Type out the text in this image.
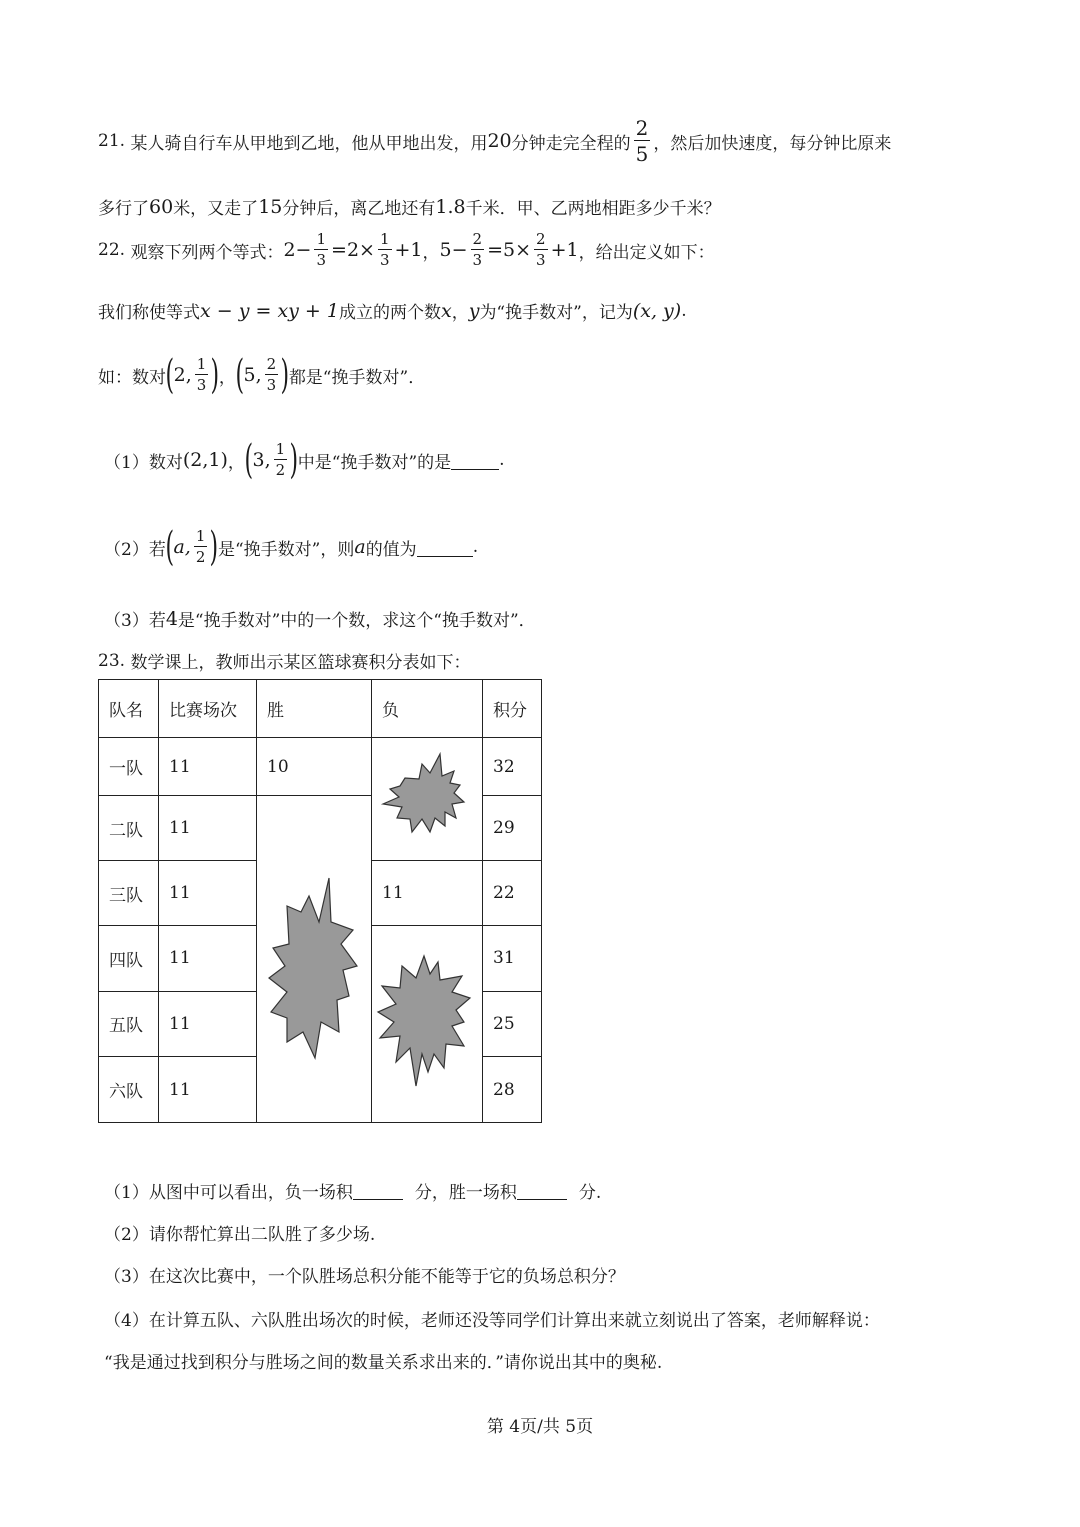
21.
某人骑自行车从甲地到乙地，他从甲地出发，用 20 分钟走完全程的 $\frac{2}{5}$ ，然后加快速度，每分钟比原来
多行了 60 米，又走了 15 分钟后，离乙地还有 1.8 千米．甲、乙两地相距多少千米？
22.
观察下列两个等式： $2 - \frac{1}{3} = 2 \times \frac{1}{3} +1$ ， $5 - \frac{2}{3} = 5 \times \frac{2}{3} +1$ ，给出定义如下：
我们称使等式 x − y = xy + 1 成立的两个数 x ， y 为“挽手数对”，记为 (x, y) .
如：数对 ( 2, $\frac{1}{3}$ ) ， ( 5, $\frac{2}{3}$ ) 都是“挽手数对”．
（1）数对 (2,1) ， ( 3, $\frac{1}{2}$ ) 中是“挽手数对”的是	.
（2）若 ( a, $\frac{1}{2}$ ) 是“挽手数对”，则 a 的值为	.
（3）若 4 是“挽手数对”中的一个数，求这个“挽手数对”．
23.
数学课上，教师出示某区篮球赛积分表如下：
队名	比赛场次	胜	负	积分
一队	11	10		32
二队	11			29
三队	11		11	22
四队	11			31
五队	11			25
六队	11			28
（1）从图中可以看出，负一场积	分，胜一场积	分.
（2）请你帮忙算出二队胜了多少场.
（3）在这次比赛中，一个队胜场总积分能不能等于它的负场总积分？
（4）在计算五队、六队胜出场次的时候，老师还没等同学们计算出来就立刻说出了答案，老师解释说：
“我是通过找到积分与胜场之间的数量关系求出来的．”请你说出其中的奥秘.
第 4页/共 5页
